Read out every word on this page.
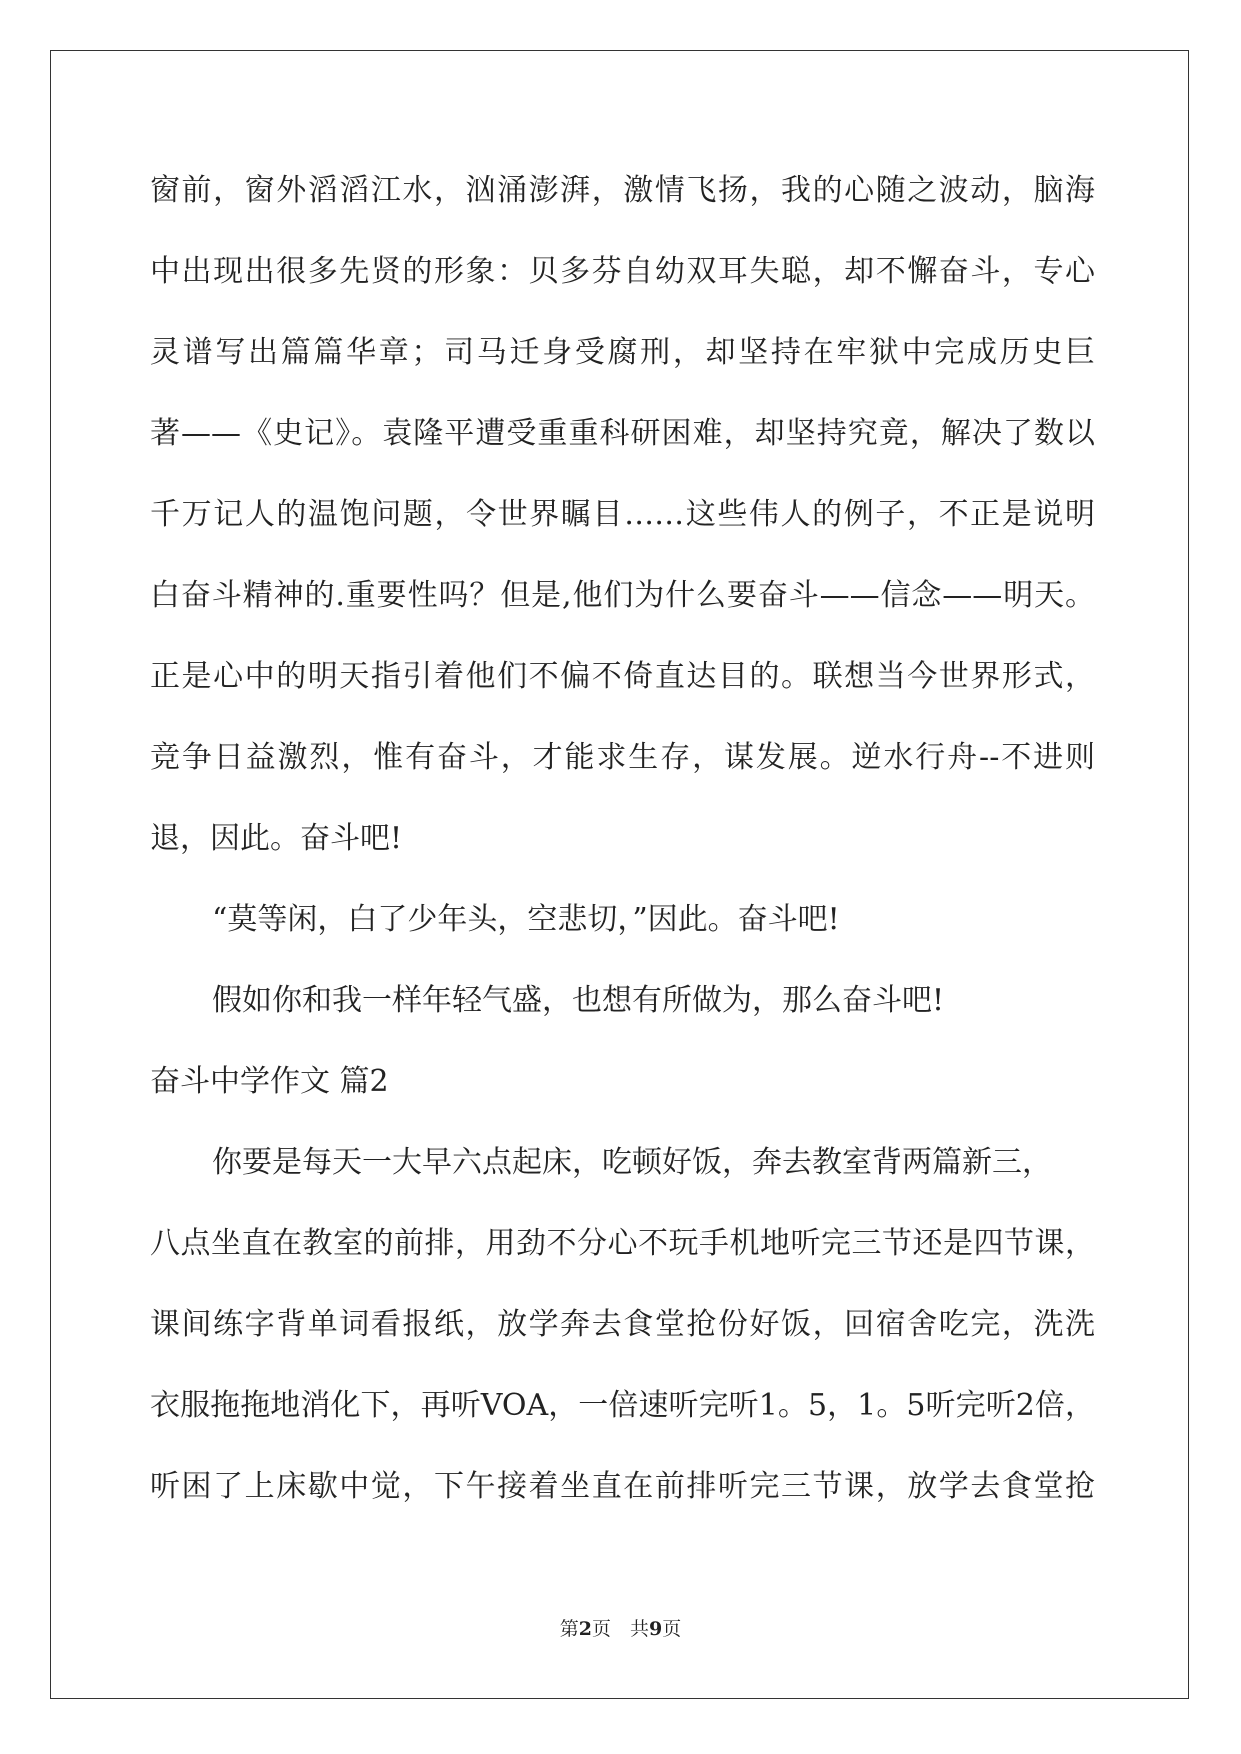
窗前，窗外滔滔江水，汹涌澎湃，激情飞扬，我的心随之波动，脑海
中出现出很多先贤的形象：贝多芬自幼双耳失聪，却不懈奋斗，专心
灵谱写出篇篇华章；司马迁身受腐刑，却坚持在牢狱中完成历史巨
著——《史记》。袁隆平遭受重重科研困难，却坚持究竟，解决了数以
千万记人的温饱问题，令世界瞩目……这些伟人的例子，不正是说明
白奋斗精神的.重要性吗？但是,他们为什么要奋斗——信念——明天。
正是心中的明天指引着他们不偏不倚直达目的。联想当今世界形式，
竞争日益激烈，惟有奋斗，才能求生存，谋发展。逆水行舟--不进则
退，因此。奋斗吧!
“莫等闲，白了少年头，空悲切，”因此。奋斗吧!
假如你和我一样年轻气盛，也想有所做为，那么奋斗吧!
奋斗中学作文 篇2
你要是每天一大早六点起床，吃顿好饭，奔去教室背两篇新三，
八点坐直在教室的前排，用劲不分心不玩手机地听完三节还是四节课，
课间练字背单词看报纸，放学奔去食堂抢份好饭，回宿舍吃完，洗洗
衣服拖拖地消化下，再听VOA，一倍速听完听1。5，1。5听完听2倍，
听困了上床歇中觉，下午接着坐直在前排听完三节课，放学去食堂抢
第2页　共9页
